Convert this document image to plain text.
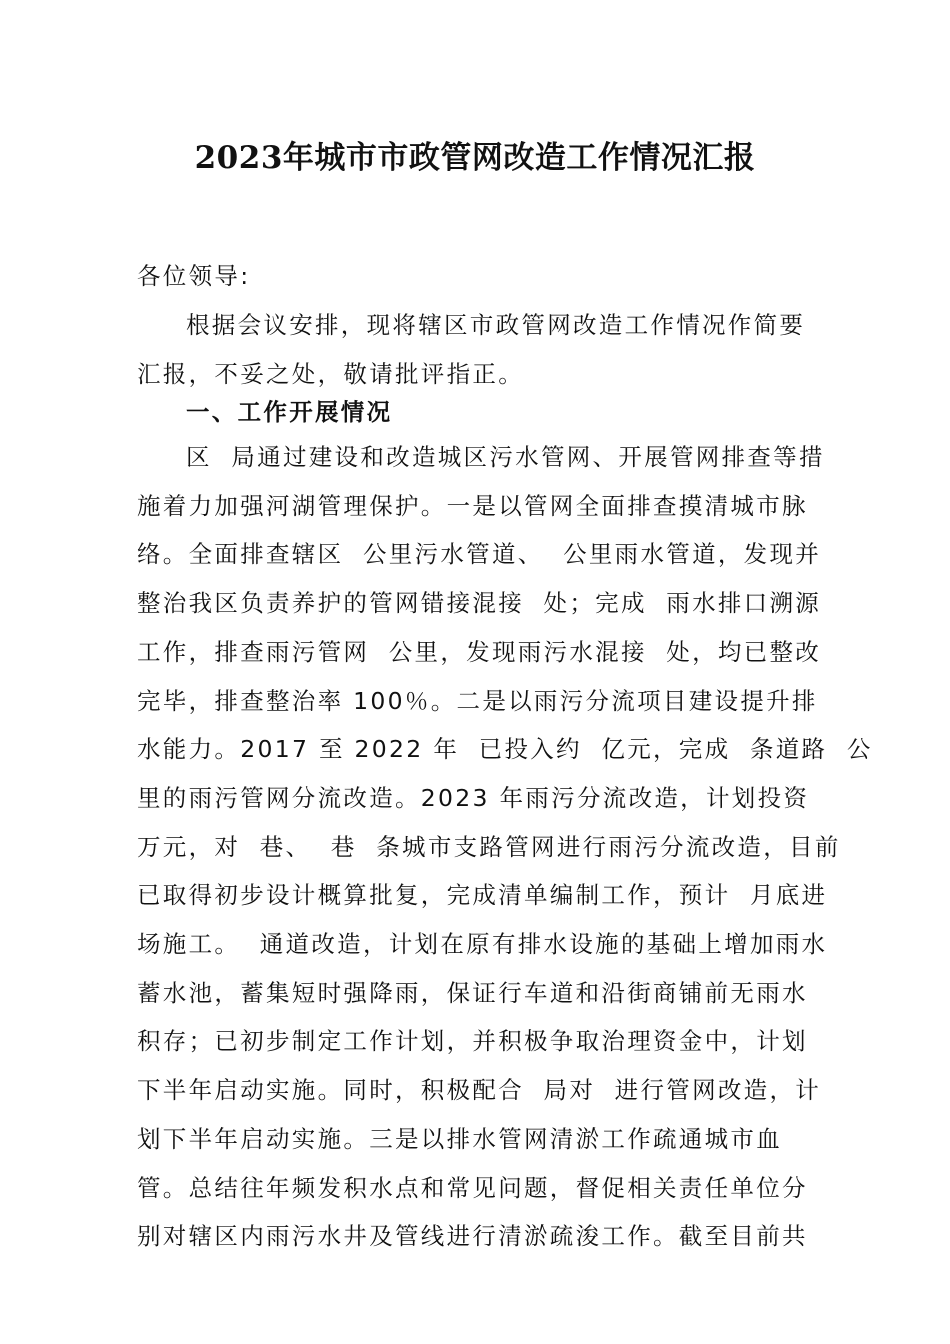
2023年城市市政管网改造工作情况汇报

各位领导:

根据会议安排，现将辖区市政管网改造工作情况作简要
汇报，不妥之处，敬请批评指正。
一、工作开展情况
区  局通过建设和改造城区污水管网、开展管网排查等措
施着力加强河湖管理保护。一是以管网全面排查摸清城市脉
络。全面排查辖区  公里污水管道、  公里雨水管道，发现并
整治我区负责养护的管网错接混接  处；完成  雨水排口溯源
工作，排查雨污管网  公里，发现雨污水混接  处，均已整改
完毕，排查整治率 100％。二是以雨污分流项目建设提升排
水能力。2017 至 2022 年  已投入约  亿元，完成  条道路  公
里的雨污管网分流改造。2023 年雨污分流改造，计划投资
万元，对  巷、  巷  条城市支路管网进行雨污分流改造，目前
已取得初步设计概算批复，完成清单编制工作，预计  月底进
场施工。  通道改造，计划在原有排水设施的基础上增加雨水
蓄水池，蓄集短时强降雨，保证行车道和沿街商铺前无雨水
积存；已初步制定工作计划，并积极争取治理资金中，计划
下半年启动实施。同时，积极配合  局对  进行管网改造，计
划下半年启动实施。三是以排水管网清淤工作疏通城市血
管。总结往年频发积水点和常见问题，督促相关责任单位分
别对辖区内雨污水井及管线进行清淤疏浚工作。截至目前共
